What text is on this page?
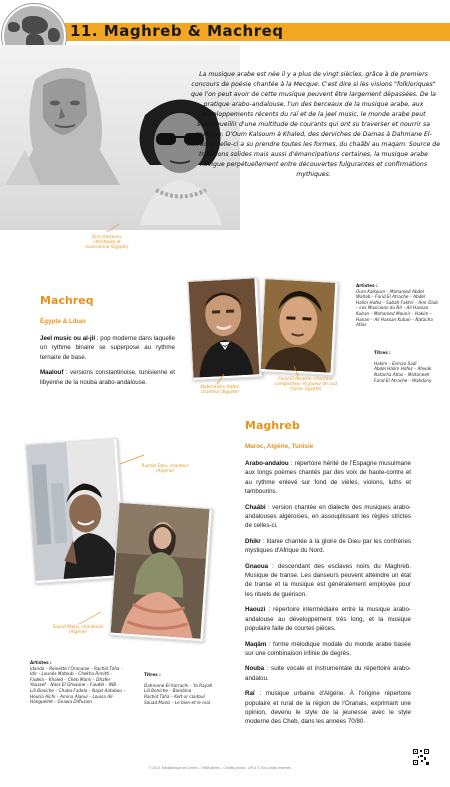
11. Maghreb & Machreq
La musique arabe est née il y a plus de vingt siècles, grâce à de premiers concours de poésie chantée à la Mecque. C'est dire si les visions "folkloriques" que l'on peut avoir de cette musique peuvent être largement dépassées. De la pratique arabo-andalouse, l'un des berceaux de la musique arabe, aux développements récents du raï et de la jeel music, le monde arabe peut s'enorgueillir d'une multitude de courants qui ont su traverser et nourrir sa musique. D'Oum Kalsoum à Khaled, des derviches de Damas à Dahmane El-harrachi, celle-ci a su prendre toutes les formes, du chaâbi au maqam. Source de traditions solides mais aussi d'émancipations certaines, la musique arabe navigue perpétuellement entre découvertes fulgurantes et confirmations mythiques.
Oum Kalsoum, chanteuse et musicienne (Egypte)
Machreq
Égypte & Liban

Jeel music ou al-jil : pop moderne dans laquelle un rythme binaire se superpose au rythme ternaire de base.

Maalouf : versions constantinoise, tunisienne et libyenne de la nouba arabo-andalouse.

Abdel Halim Hafez, chanteur (Egypte)
Farid El Atrache, chanteur, compositeur et joueur de oud (Syrie, Egypte)
Artistes :
Oum Kalsoum – Mohamed Abdel Wahab – Farid El Atrache – Abdel Halim Hafez – Sabah Fakhri – Amr Diab – Les Musiciens du Nil – Ali Hassan Kuban – Mohamed Mounir – Hakim – Hanan – Ali Hassan Kuban – Natacha Atlas

Titres :

Hakim – Esmaa Sadi
Abdel Halim Hafez – Ahwak
Natacha Atlas – Mistaneeh
Farid El Atrache – Wahdany

Rachid Taha, chanteur (Algérie)
Souad Massi, chanteuse (Algérie)
Artistes :
Idanda – Reinette l'Oranaise – Rachid Taha – Idir – Lounès Matoub – Chekha Rimitti – Fadela – Khaled – Cheb Mami – Dhafer Youssef – Nass El Ghiwane – Faudel – INB – Lili Boniche – Chaba Fadela – Najat Aatabou – Houria Aïchi – Amina Alaoui – Louisa Ali-Hanguellet – Gnawa Diffusion

Titres :

Dahmane El-harrachi – Ya Rayah
Lili Boniche – Bambino
Rachid Taha – Kelt ur coutoul
Souad Massi – Le bien et le mal

Maghreb
Maroc, Algérie, Tunisie

Arabo-andalou : répertoire hérité de l'Espagne musulmane aux longs poèmes chantés par des voix de haute-contre et au rythme enlevé sur fond de vièles, violons, luths et tambourins.

Chaâbi : version chantée en dialecte des musiques arabo-andalouses algéroises, en assouplissant les règles strictes de celles-ci.

Dhikr : litanie chantée à la gloire de Dieu par les confréries mystiques d'Afrique du Nord.

Gnaoua : descendant des esclaves noirs du Maghreb. Musique de transe. Les danseurs peuvent atteindre un état de transe et la musique est généralement employée pour les rituels de guérison.

Haouzi : répertoire intermédiaire entre la musique arabo-andalouse au développement très long, et la musique populaire faite de courtes pièces.

Maqâm : forme mélodique modale du monde arabe basée sur une combinaison infinie de degrés.

Nouba : suite vocale et instrumentale du répertoire arabo-andalou.

Raï : musique urbaine d'Algérie. À l'origine répertoire populaire et rural de la région de l'Oranais, exprimant une opinion, devenu le style de la jeunesse avec le style moderne des Cheb, dans les années 70/80.

© 2013, Médiathèque de Lorient – RMM Atelier – Crédits photos : DR & © Tous droits réservés
